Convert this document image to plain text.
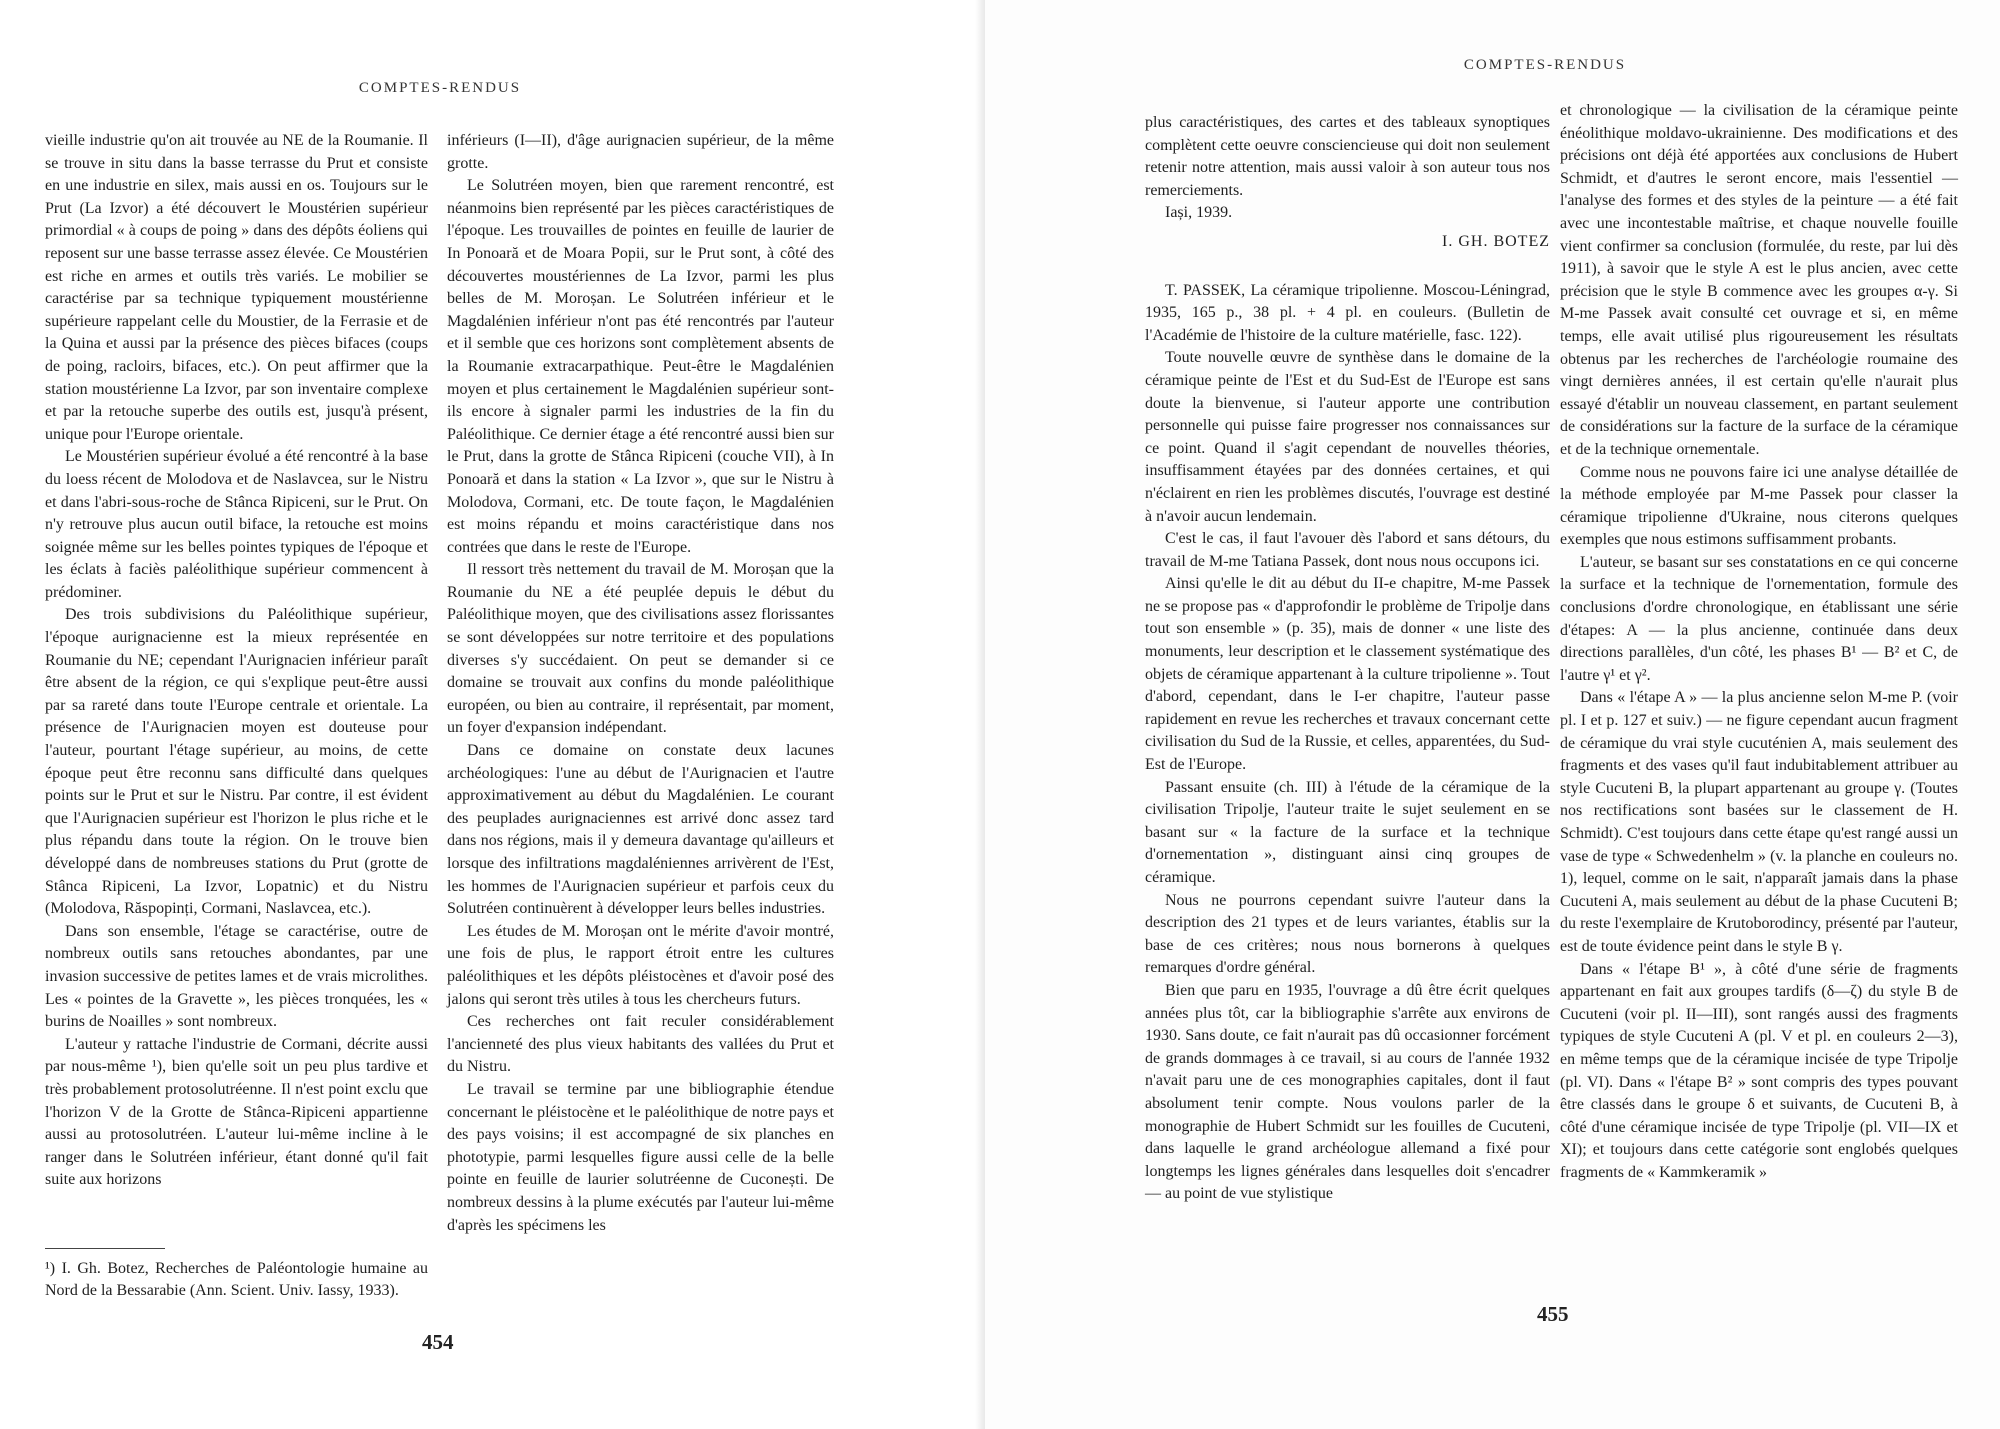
COMPTES-RENDUS

vieille industrie qu'on ait trouvée au NE de la Roumanie. Il se trouve in situ dans la basse terrasse du Prut et consiste en une industrie en silex, mais aussi en os. Toujours sur le Prut (La Izvor) a été découvert le Moustérien supérieur primordial « à coups de poing » dans des dépôts éoliens qui reposent sur une basse terrasse assez élevée. Ce Moustérien est riche en armes et outils très variés. Le mobilier se caractérise par sa technique typiquement moustérienne supérieure rappelant celle du Moustier, de la Ferrasie et de la Quina et aussi par la présence des pièces bifaces (coups de poing, racloirs, bifaces, etc.). On peut affirmer que la station moustérienne La Izvor, par son inventaire complexe et par la retouche superbe des outils est, jusqu'à présent, unique pour l'Europe orientale.

Le Moustérien supérieur évolué a été rencontré à la base du loess récent de Molodova et de Naslavcea, sur le Nistru et dans l'abri-sous-roche de Stânca Ripiceni, sur le Prut. On n'y retrouve plus aucun outil biface, la retouche est moins soignée même sur les belles pointes typiques de l'époque et les éclats à faciès paléolithique supérieur commencent à prédominer.

Des trois subdivisions du Paléolithique supérieur, l'époque aurignacienne est la mieux représentée en Roumanie du NE; cependant l'Aurignacien inférieur paraît être absent de la région, ce qui s'explique peut-être aussi par sa rareté dans toute l'Europe centrale et orientale. La présence de l'Aurignacien moyen est douteuse pour l'auteur, pourtant l'étage supérieur, au moins, de cette époque peut être reconnu sans difficulté dans quelques points sur le Prut et sur le Nistru. Par contre, il est évident que l'Aurignacien supérieur est l'horizon le plus riche et le plus répandu dans toute la région. On le trouve bien développé dans de nombreuses stations du Prut (grotte de Stânca Ripiceni, La Izvor, Lopatnic) et du Nistru (Molodova, Răspopinți, Cormani, Naslavcea, etc.).

Dans son ensemble, l'étage se caractérise, outre de nombreux outils sans retouches abondantes, par une invasion successive de petites lames et de vrais microlithes. Les « pointes de la Gravette », les pièces tronquées, les « burins de Noailles » sont nombreux.

L'auteur y rattache l'industrie de Cormani, décrite aussi par nous-même ¹), bien qu'elle soit un peu plus tardive et très probablement protosolutréenne. Il n'est point exclu que l'horizon V de la Grotte de Stânca-Ripiceni appartienne aussi au protosolutréen. L'auteur lui-même incline à le ranger dans le Solutréen inférieur, étant donné qu'il fait suite aux horizons

inférieurs (I—II), d'âge aurignacien supérieur, de la même grotte.

Le Solutréen moyen, bien que rarement rencontré, est néanmoins bien représenté par les pièces caractéristiques de l'époque. Les trouvailles de pointes en feuille de laurier de In Ponoară et de Moara Popii, sur le Prut sont, à côté des découvertes moustériennes de La Izvor, parmi les plus belles de M. Moroșan. Le Solutréen inférieur et le Magdalénien inférieur n'ont pas été rencontrés par l'auteur et il semble que ces horizons sont complètement absents de la Roumanie extracarpathique. Peut-être le Magdalénien moyen et plus certainement le Magdalénien supérieur sont-ils encore à signaler parmi les industries de la fin du Paléolithique. Ce dernier étage a été rencontré aussi bien sur le Prut, dans la grotte de Stânca Ripiceni (couche VII), à In Ponoară et dans la station « La Izvor », que sur le Nistru à Molodova, Cormani, etc. De toute façon, le Magdalénien est moins répandu et moins caractéristique dans nos contrées que dans le reste de l'Europe.

Il ressort très nettement du travail de M. Moroșan que la Roumanie du NE a été peuplée depuis le début du Paléolithique moyen, que des civilisations assez florissantes se sont développées sur notre territoire et des populations diverses s'y succédaient. On peut se demander si ce domaine se trouvait aux confins du monde paléolithique européen, ou bien au contraire, il représentait, par moment, un foyer d'expansion indépendant.

Dans ce domaine on constate deux lacunes archéologiques: l'une au début de l'Aurignacien et l'autre approximativement au début du Magdalénien. Le courant des peuplades aurignaciennes est arrivé donc assez tard dans nos régions, mais il y demeura davantage qu'ailleurs et lorsque des infiltrations magdaléniennes arrivèrent de l'Est, les hommes de l'Aurignacien supérieur et parfois ceux du Solutréen continuèrent à développer leurs belles industries.

Les études de M. Moroșan ont le mérite d'avoir montré, une fois de plus, le rapport étroit entre les cultures paléolithiques et les dépôts pléistocènes et d'avoir posé des jalons qui seront très utiles à tous les chercheurs futurs.

Ces recherches ont fait reculer considérablement l'ancienneté des plus vieux habitants des vallées du Prut et du Nistru.

Le travail se termine par une bibliographie étendue concernant le pléistocène et le paléolithique de notre pays et des pays voisins; il est accompagné de six planches en phototypie, parmi lesquelles figure aussi celle de la belle pointe en feuille de laurier solutréenne de Cuconești. De nombreux dessins à la plume exécutés par l'auteur lui-même d'après les spécimens les

¹) I. Gh. Botez, Recherches de Paléontologie humaine au Nord de la Bessarabie (Ann. Scient. Univ. Iassy, 1933).
454
COMPTES-RENDUS

plus caractéristiques, des cartes et des tableaux synoptiques complètent cette oeuvre consciencieuse qui doit non seulement retenir notre attention, mais aussi valoir à son auteur tous nos remerciements.

Iași, 1939.

I. GH. BOTEZ

T. PASSEK, La céramique tripolienne. Moscou-Léningrad, 1935, 165 p., 38 pl. + 4 pl. en couleurs. (Bulletin de l'Académie de l'histoire de la culture matérielle, fasc. 122).

Toute nouvelle œuvre de synthèse dans le domaine de la céramique peinte de l'Est et du Sud-Est de l'Europe est sans doute la bienvenue, si l'auteur apporte une contribution personnelle qui puisse faire progresser nos connaissances sur ce point. Quand il s'agit cependant de nouvelles théories, insuffisamment étayées par des données certaines, et qui n'éclairent en rien les problèmes discutés, l'ouvrage est destiné à n'avoir aucun lendemain.

C'est le cas, il faut l'avouer dès l'abord et sans détours, du travail de M-me Tatiana Passek, dont nous nous occupons ici.

Ainsi qu'elle le dit au début du II-e chapitre, M-me Passek ne se propose pas « d'approfondir le problème de Tripolje dans tout son ensemble » (p. 35), mais de donner « une liste des monuments, leur description et le classement systématique des objets de céramique appartenant à la culture tripolienne ». Tout d'abord, cependant, dans le I-er chapitre, l'auteur passe rapidement en revue les recherches et travaux concernant cette civilisation du Sud de la Russie, et celles, apparentées, du Sud-Est de l'Europe.

Passant ensuite (ch. III) à l'étude de la céramique de la civilisation Tripolje, l'auteur traite le sujet seulement en se basant sur « la facture de la surface et la technique d'ornementation », distinguant ainsi cinq groupes de céramique.

Nous ne pourrons cependant suivre l'auteur dans la description des 21 types et de leurs variantes, établis sur la base de ces critères; nous nous bornerons à quelques remarques d'ordre général.

Bien que paru en 1935, l'ouvrage a dû être écrit quelques années plus tôt, car la bibliographie s'arrête aux environs de 1930. Sans doute, ce fait n'aurait pas dû occasionner forcément de grands dommages à ce travail, si au cours de l'année 1932 n'avait paru une de ces monographies capitales, dont il faut absolument tenir compte. Nous voulons parler de la monographie de Hubert Schmidt sur les fouilles de Cucuteni, dans laquelle le grand archéologue allemand a fixé pour longtemps les lignes générales dans lesquelles doit s'encadrer — au point de vue stylistique

et chronologique — la civilisation de la céramique peinte énéolithique moldavo-ukrainienne. Des modifications et des précisions ont déjà été apportées aux conclusions de Hubert Schmidt, et d'autres le seront encore, mais l'essentiel — l'analyse des formes et des styles de la peinture — a été fait avec une incontestable maîtrise, et chaque nouvelle fouille vient confirmer sa conclusion (formulée, du reste, par lui dès 1911), à savoir que le style A est le plus ancien, avec cette précision que le style B commence avec les groupes α-γ. Si M-me Passek avait consulté cet ouvrage et si, en même temps, elle avait utilisé plus rigoureusement les résultats obtenus par les recherches de l'archéologie roumaine des vingt dernières années, il est certain qu'elle n'aurait plus essayé d'établir un nouveau classement, en partant seulement de considérations sur la facture de la surface de la céramique et de la technique ornementale.

Comme nous ne pouvons faire ici une analyse détaillée de la méthode employée par M-me Passek pour classer la céramique tripolienne d'Ukraine, nous citerons quelques exemples que nous estimons suffisamment probants.

L'auteur, se basant sur ses constatations en ce qui concerne la surface et la technique de l'ornementation, formule des conclusions d'ordre chronologique, en établissant une série d'étapes: A — la plus ancienne, continuée dans deux directions parallèles, d'un côté, les phases B¹ — B² et C, de l'autre γ¹ et γ².

Dans « l'étape A » — la plus ancienne selon M-me P. (voir pl. I et p. 127 et suiv.) — ne figure cependant aucun fragment de céramique du vrai style cucuténien A, mais seulement des fragments et des vases qu'il faut indubitablement attribuer au style Cucuteni B, la plupart appartenant au groupe γ. (Toutes nos rectifications sont basées sur le classement de H. Schmidt). C'est toujours dans cette étape qu'est rangé aussi un vase de type « Schwedenhelm » (v. la planche en couleurs no. 1), lequel, comme on le sait, n'apparaît jamais dans la phase Cucuteni A, mais seulement au début de la phase Cucuteni B; du reste l'exemplaire de Krutoborodincy, présenté par l'auteur, est de toute évidence peint dans le style B γ.

Dans « l'étape B¹ », à côté d'une série de fragments appartenant en fait aux groupes tardifs (δ—ζ) du style B de Cucuteni (voir pl. II—III), sont rangés aussi des fragments typiques de style Cucuteni A (pl. V et pl. en couleurs 2—3), en même temps que de la céramique incisée de type Tripolje (pl. VI). Dans « l'étape B² » sont compris des types pouvant être classés dans le groupe δ et suivants, de Cucuteni B, à côté d'une céramique incisée de type Tripolje (pl. VII—IX et XI); et toujours dans cette catégorie sont englobés quelques fragments de « Kammkeramik »

455
